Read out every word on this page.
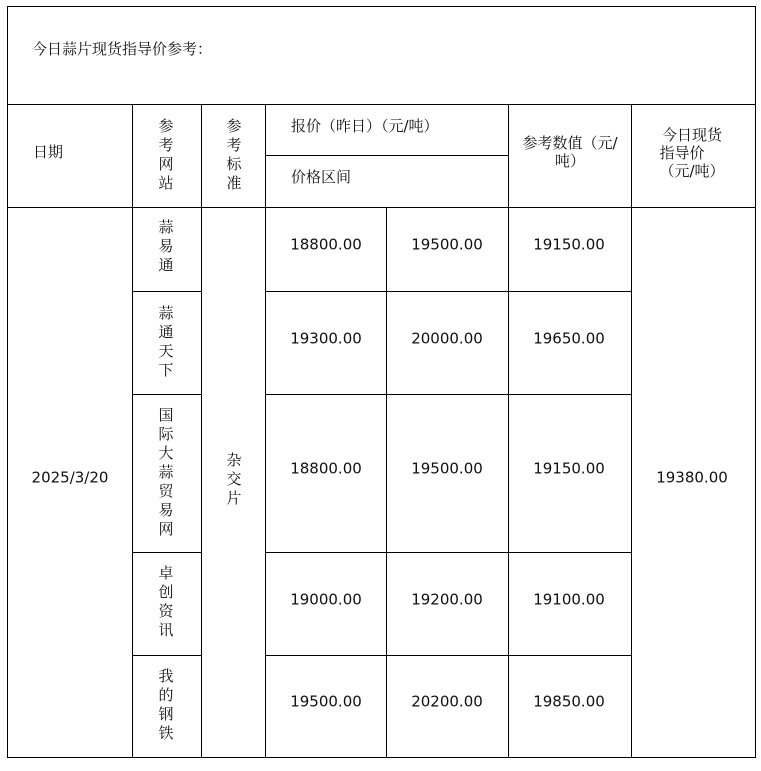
今日蒜片现货指导价参考：
日期
参考网站
参考标准
报价（昨日）（元/吨）
价格区间
参考数值（元/吨）
今日现货
指导价
（元/吨）
2025/3/20
杂交片
19380.00
蒜易通
18800.00	19500.00	19150.00
蒜通天下
19300.00	20000.00	19650.00
国际大蒜贸易网
18800.00	19500.00	19150.00
卓创资讯
19000.00	19200.00	19100.00
我的钢铁
19500.00	20200.00	19850.00
